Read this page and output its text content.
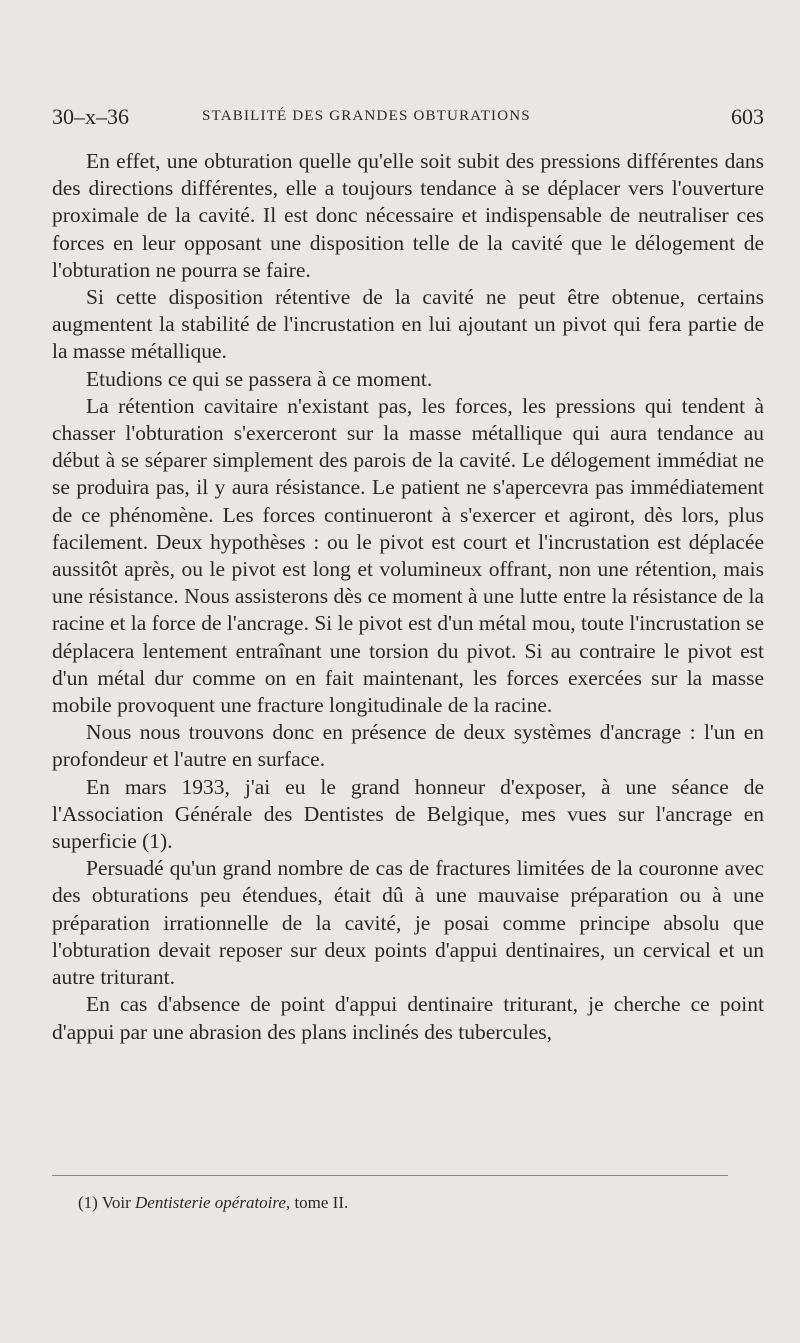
30–x–36	STABILITÉ DES GRANDES OBTURATIONS	603

En effet, une obturation quelle qu'elle soit subit des pressions différentes dans des directions différentes, elle a toujours tendance à se déplacer vers l'ouverture proximale de la cavité. Il est donc nécessaire et indispensable de neutraliser ces forces en leur opposant une disposition telle de la cavité que le délogement de l'obturation ne pourra se faire.

Si cette disposition rétentive de la cavité ne peut être obtenue, certains augmentent la stabilité de l'incrustation en lui ajoutant un pivot qui fera partie de la masse métallique.

Etudions ce qui se passera à ce moment.

La rétention cavitaire n'existant pas, les forces, les pressions qui tendent à chasser l'obturation s'exerceront sur la masse métallique qui aura tendance au début à se séparer simplement des parois de la cavité. Le délogement immédiat ne se produira pas, il y aura résistance. Le patient ne s'apercevra pas immédiatement de ce phénomène. Les forces continueront à s'exercer et agiront, dès lors, plus facilement. Deux hypothèses : ou le pivot est court et l'incrustation est déplacée aussitôt après, ou le pivot est long et volumineux offrant, non une rétention, mais une résistance. Nous assisterons dès ce moment à une lutte entre la résistance de la racine et la force de l'ancrage. Si le pivot est d'un métal mou, toute l'incrustation se déplacera lentement entraînant une torsion du pivot. Si au contraire le pivot est d'un métal dur comme on en fait maintenant, les forces exercées sur la masse mobile provoquent une fracture longitudinale de la racine.

Nous nous trouvons donc en présence de deux systèmes d'ancrage : l'un en profondeur et l'autre en surface.

En mars 1933, j'ai eu le grand honneur d'exposer, à une séance de l'Association Générale des Dentistes de Belgique, mes vues sur l'ancrage en superficie (1).

Persuadé qu'un grand nombre de cas de fractures limitées de la couronne avec des obturations peu étendues, était dû à une mauvaise préparation ou à une préparation irrationnelle de la cavité, je posai comme principe absolu que l'obturation devait reposer sur deux points d'appui dentinaires, un cervical et un autre triturant.

En cas d'absence de point d'appui dentinaire triturant, je cherche ce point d'appui par une abrasion des plans inclinés des tubercules,

(1) Voir Dentisterie opératoire, tome II.
